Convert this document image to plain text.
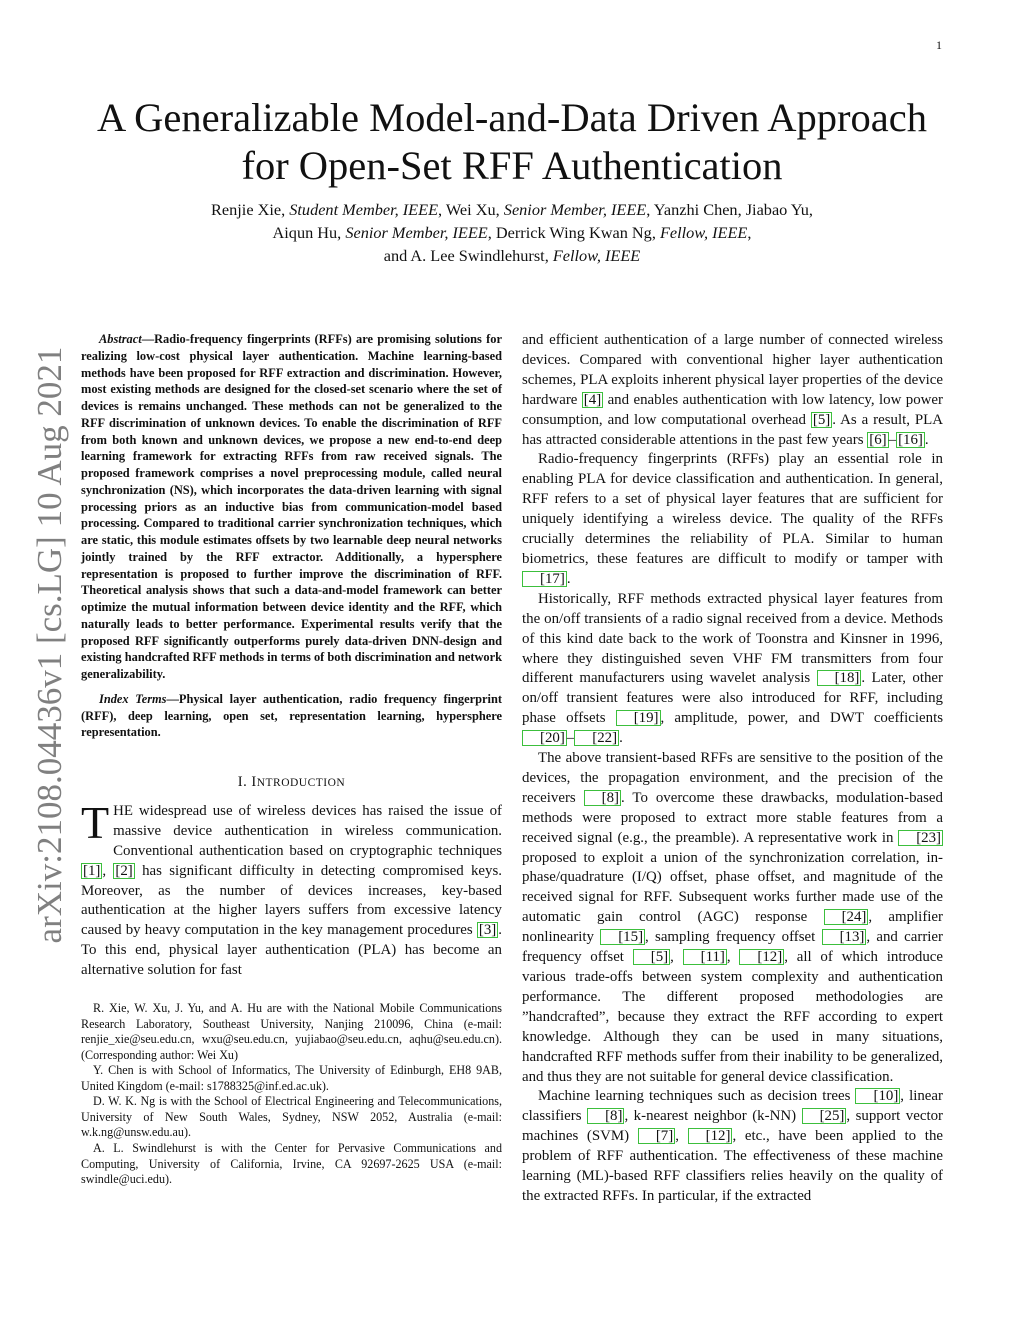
1
arXiv:2108.04436v1 [cs.LG] 10 Aug 2021
A Generalizable Model-and-Data Driven Approach
for Open-Set RFF Authentication
Renjie Xie, Student Member, IEEE, Wei Xu, Senior Member, IEEE, Yanzhi Chen, Jiabao Yu,
Aiqun Hu, Senior Member, IEEE, Derrick Wing Kwan Ng, Fellow, IEEE,
and A. Lee Swindlehurst, Fellow, IEEE

Abstract—Radio-frequency fingerprints (RFFs) are promising solutions for realizing low-cost physical layer authentication. Machine learning-based methods have been proposed for RFF extraction and discrimination. However, most existing methods are designed for the closed-set scenario where the set of devices is remains unchanged. These methods can not be generalized to the RFF discrimination of unknown devices. To enable the discrimination of RFF from both known and unknown devices, we propose a new end-to-end deep learning framework for extracting RFFs from raw received signals. The proposed framework comprises a novel preprocessing module, called neural synchronization (NS), which incorporates the data-driven learning with signal processing priors as an inductive bias from communication-model based processing. Compared to traditional carrier synchronization techniques, which are static, this module estimates offsets by two learnable deep neural networks jointly trained by the RFF extractor. Additionally, a hypersphere representation is proposed to further improve the discrimination of RFF. Theoretical analysis shows that such a data-and-model framework can better optimize the mutual information between device identity and the RFF, which naturally leads to better performance. Experimental results verify that the proposed RFF significantly outperforms purely data-driven DNN-design and existing handcrafted RFF methods in terms of both discrimination and network generalizability.

Index Terms—Physical layer authentication, radio frequency fingerprint (RFF), deep learning, open set, representation learning, hypersphere representation.

I. INTRODUCTION

THE widespread use of wireless devices has raised the issue of massive device authentication in wireless communication. Conventional authentication based on cryptographic techniques [1] , [2] has significant difficulty in detecting compromised keys. Moreover, as the number of devices increases, key-based authentication at the higher layers suffers from excessive latency caused by heavy computation in the key management procedures [3] . To this end, physical layer authentication (PLA) has become an alternative solution for fast

R. Xie, W. Xu, J. Yu, and A. Hu are with the National Mobile Communications Research Laboratory, Southeast University, Nanjing 210096, China (e-mail: renjie_xie@seu.edu.cn, wxu@seu.edu.cn, yujiabao@seu.edu.cn, aqhu@seu.edu.cn).(Corresponding author: Wei Xu)

Y. Chen is with School of Informatics, The University of Edinburgh, EH8 9AB, United Kingdom (e-mail: s1788325@inf.ed.ac.uk).

D. W. K. Ng is with the School of Electrical Engineering and Telecommunications, University of New South Wales, Sydney, NSW 2052, Australia (e-mail: w.k.ng@unsw.edu.au).

A. L. Swindlehurst is with the Center for Pervasive Communications and Computing, University of California, Irvine, CA 92697-2625 USA (e-mail: swindle@uci.edu).

and efficient authentication of a large number of connected wireless devices. Compared with conventional higher layer authentication schemes, PLA exploits inherent physical layer properties of the device hardware [4] and enables authentication with low latency, low power consumption, and low computational overhead [5] . As a result, PLA has attracted considerable attentions in the past few years [6] – [16] .

Radio-frequency fingerprints (RFFs) play an essential role in enabling PLA for device classification and authentication. In general, RFF refers to a set of physical layer features that are sufficient for uniquely identifying a wireless device. The quality of the RFFs crucially determines the reliability of PLA. Similar to human biometrics, these features are difficult to modify or tamper with [17] .

Historically, RFF methods extracted physical layer features from the on/off transients of a radio signal received from a device. Methods of this kind date back to the work of Toonstra and Kinsner in 1996, where they distinguished seven VHF FM transmitters from four different manufacturers using wavelet analysis [18] . Later, other on/off transient features were also introduced for RFF, including phase offsets [19] , amplitude, power, and DWT coefficients [20] – [22] .

The above transient-based RFFs are sensitive to the position of the devices, the propagation environment, and the precision of the receivers [8] . To overcome these drawbacks, modulation-based methods were proposed to extract more stable features from a received signal (e.g., the preamble). A representative work in [23] proposed to exploit a union of the synchronization correlation, in-phase/quadrature (I/Q) offset, phase offset, and magnitude of the received signal for RFF. Subsequent works further made use of the automatic gain control (AGC) response [24] , amplifier nonlinearity [15] , sampling frequency offset [13] , and carrier frequency offset [5] , [11] , [12] , all of which introduce various trade-offs between system complexity and authentication performance. The different proposed methodologies are ”handcrafted”, because they extract the RFF according to expert knowledge. Although they can be used in many situations, handcrafted RFF methods suffer from their inability to be generalized, and thus they are not suitable for general device classification.

Machine learning techniques such as decision trees [10] , linear classifiers [8] , k-nearest neighbor (k-NN) [25] , support vector machines (SVM) [7] , [12] , etc., have been applied to the problem of RFF authentication. The effectiveness of these machine learning (ML)-based RFF classifiers relies heavily on the quality of the extracted RFFs. In particular, if the extracted
